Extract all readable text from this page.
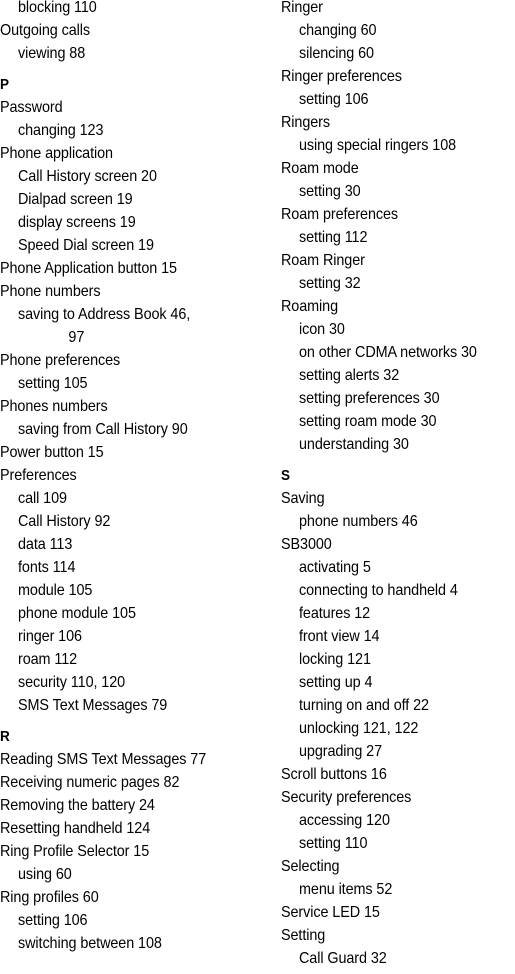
blocking 110
Outgoing calls
viewing 88
P
Password
changing 123
Phone application
Call History screen 20
Dialpad screen 19
display screens 19
Speed Dial screen 19
Phone Application button 15
Phone numbers
saving to Address Book 46,
97
Phone preferences
setting 105
Phones numbers
saving from Call History 90
Power button 15
Preferences
call 109
Call History 92
data 113
fonts 114
module 105
phone module 105
ringer 106
roam 112
security 110, 120
SMS Text Messages 79
R
Reading SMS Text Messages 77
Receiving numeric pages 82
Removing the battery 24
Resetting handheld 124
Ring Profile Selector 15
using 60
Ring profiles 60
setting 106
switching between 108
Ringer
changing 60
silencing 60
Ringer preferences
setting 106
Ringers
using special ringers 108
Roam mode
setting 30
Roam preferences
setting 112
Roam Ringer
setting 32
Roaming
icon 30
on other CDMA networks 30
setting alerts 32
setting preferences 30
setting roam mode 30
understanding 30
S
Saving
phone numbers 46
SB3000
activating 5
connecting to handheld 4
features 12
front view 14
locking 121
setting up 4
turning on and off 22
unlocking 121, 122
upgrading 27
Scroll buttons 16
Security preferences
accessing 120
setting 110
Selecting
menu items 52
Service LED 15
Setting
Call Guard 32
